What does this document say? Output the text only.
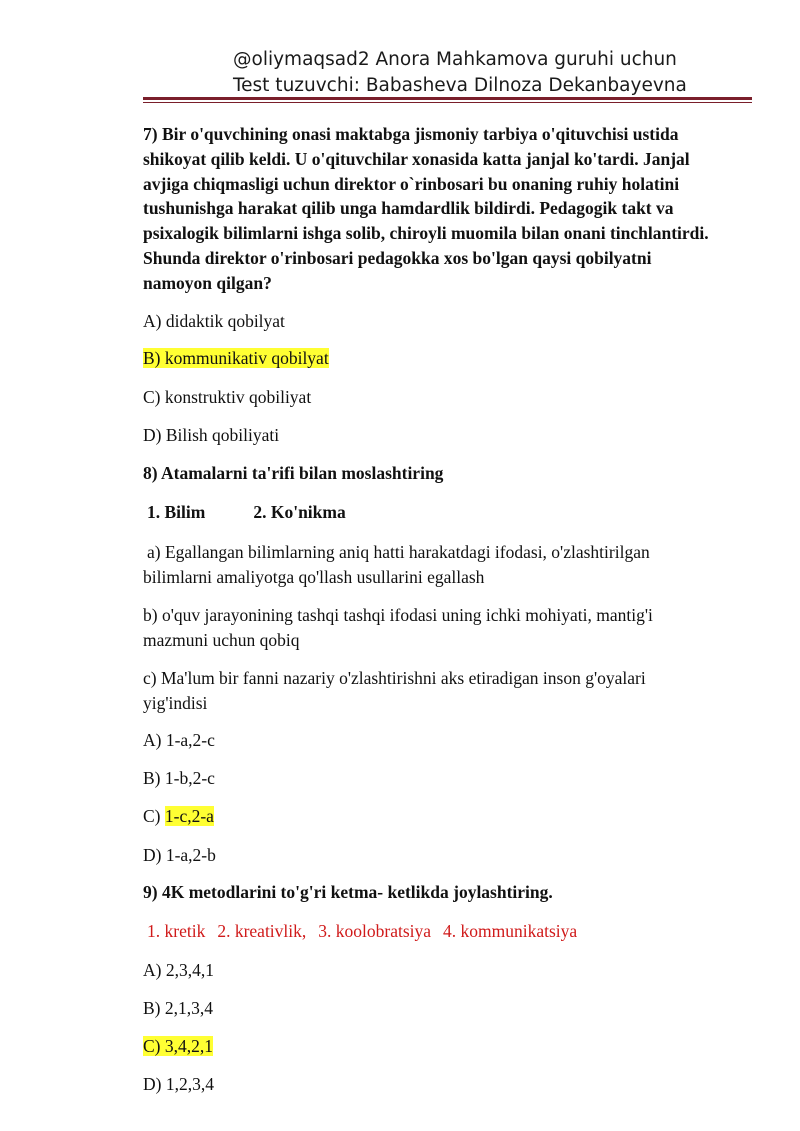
@oliymaqsad2 Anora Mahkamova guruhi uchun
Test tuzuvchi: Babasheva Dilnoza Dekanbayevna
7) Bir o'quvchining onasi maktabga jismoniy tarbiya o'qituvchisi ustida
shikoyat qilib keldi. U o'qituvchilar xonasida katta janjal ko'tardi. Janjal
avjiga chiqmasligi uchun direktor o`rinbosari bu onaning ruhiy holatini
tushunishga harakat qilib unga hamdardlik bildirdi. Pedagogik takt va
psixalogik bilimlarni ishga solib, chiroyli muomila bilan onani tinchlantirdi.
Shunda direktor o'rinbosari pedagokka xos bo'lgan qaysi qobilyatni
namoyon qilgan?
A) didaktik qobilyat
B) kommunikativ qobilyat
C) konstruktiv qobiliyat
D) Bilish qobiliyati
8) Atamalarni ta'rifi bilan moslashtiring
1. Bilim	2. Ko'nikma
a) Egallangan bilimlarning aniq hatti harakatdagi ifodasi, o'zlashtirilgan
bilimlarni amaliyotga qo'llash usullarini egallash
b) o'quv jarayonining tashqi tashqi ifodasi uning ichki mohiyati, mantig'i
mazmuni uchun qobiq
c) Ma'lum bir fanni nazariy o'zlashtirishni aks etiradigan inson g'oyalari
yig'indisi
A) 1-a,2-c
B) 1-b,2-c
C) 1-c,2-a
D) 1-a,2-b
9) 4K metodlarini to'g'ri ketma- ketlikda joylashtiring.
1. kretik 2. kreativlik, 3. koolobratsiya 4. kommunikatsiya
A) 2,3,4,1
B) 2,1,3,4
C) 3,4,2,1
D) 1,2,3,4
